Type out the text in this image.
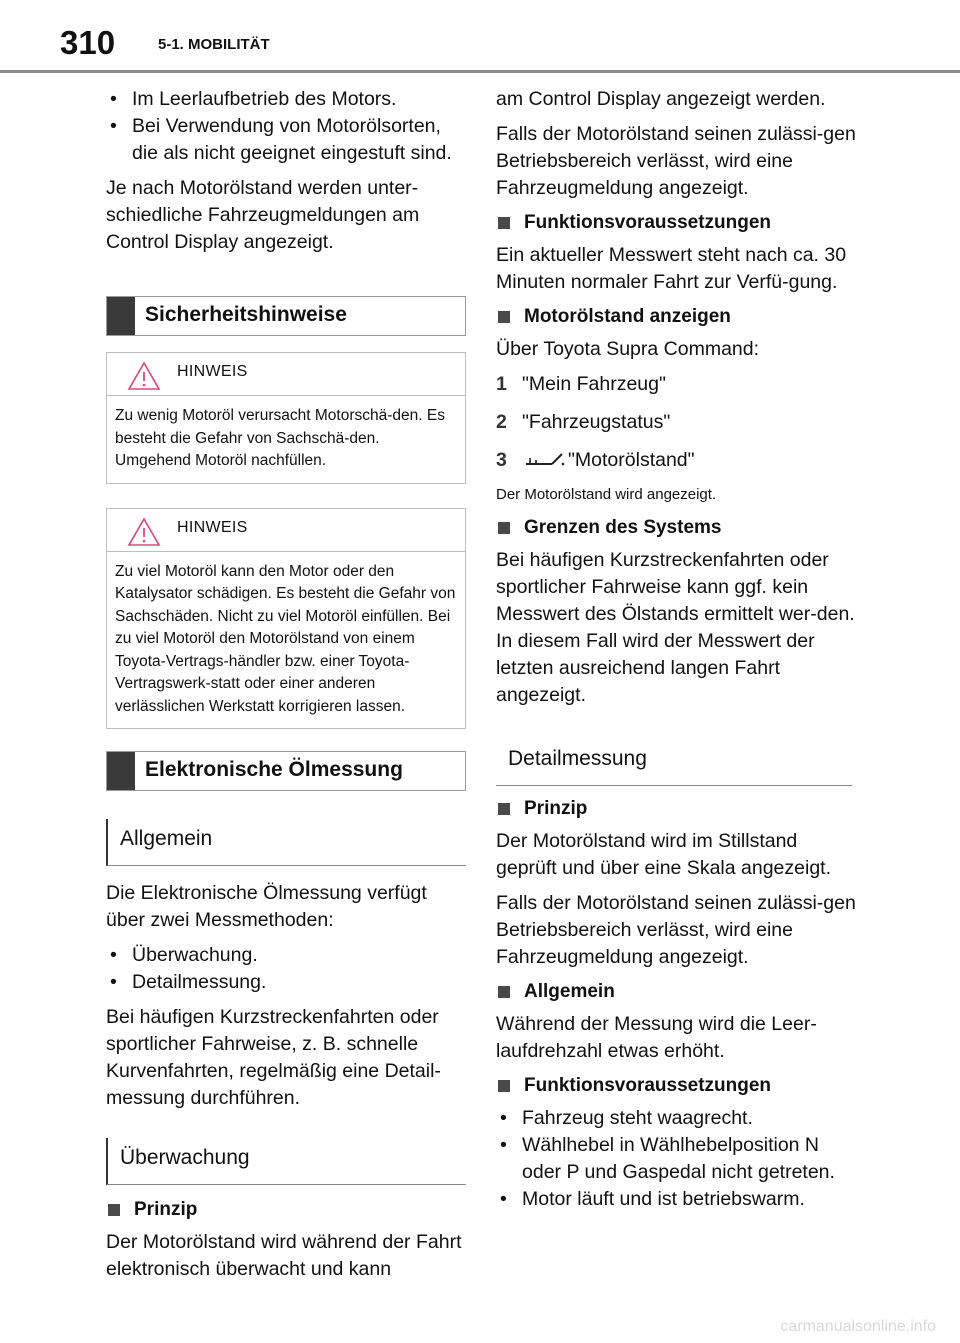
310	5-1. MOBILITÄT
• Im Leerlaufbetrieb des Motors.
• Bei Verwendung von Motorölsorten, die als nicht geeignet eingestuft sind.

Je nach Motorölstand werden unter-schiedliche Fahrzeugmeldungen am Control Display angezeigt.

Sicherheitshinweise
HINWEIS
Zu wenig Motoröl verursacht Motorschä-den. Es besteht die Gefahr von Sachschä-den. Umgehend Motoröl nachfüllen.
HINWEIS
Zu viel Motoröl kann den Motor oder den Katalysator schädigen. Es besteht die Gefahr von Sachschäden. Nicht zu viel Motoröl einfüllen. Bei zu viel Motoröl den Motorölstand von einem Toyota-Vertrags-händler bzw. einer Toyota-Vertragswerk-statt oder einer anderen verlässlichen Werkstatt korrigieren lassen.
Elektronische Ölmessung
Allgemein

Die Elektronische Ölmessung verfügt über zwei Messmethoden:

• Überwachung.
• Detailmessung.

Bei häufigen Kurzstreckenfahrten oder sportlicher Fahrweise, z. B. schnelle Kurvenfahrten, regelmäßig eine Detail-messung durchführen.

Überwachung
Prinzip

Der Motorölstand wird während der Fahrt elektronisch überwacht und kann

am Control Display angezeigt werden.

Falls der Motorölstand seinen zulässi-gen Betriebsbereich verlässt, wird eine Fahrzeugmeldung angezeigt.

Funktionsvoraussetzungen

Ein aktueller Messwert steht nach ca. 30 Minuten normaler Fahrt zur Verfü-gung.

Motorölstand anzeigen

Über Toyota Supra Command:

1 "Mein Fahrzeug"
2 "Fahrzeugstatus"
3	"Motorölstand"

Der Motorölstand wird angezeigt.

Grenzen des Systems

Bei häufigen Kurzstreckenfahrten oder sportlicher Fahrweise kann ggf. kein Messwert des Ölstands ermittelt wer-den. In diesem Fall wird der Messwert der letzten ausreichend langen Fahrt angezeigt.

Detailmessung
Prinzip

Der Motorölstand wird im Stillstand geprüft und über eine Skala angezeigt.

Falls der Motorölstand seinen zulässi-gen Betriebsbereich verlässt, wird eine Fahrzeugmeldung angezeigt.

Allgemein

Während der Messung wird die Leer-laufdrehzahl etwas erhöht.

Funktionsvoraussetzungen
• Fahrzeug steht waagrecht.
• Wählhebel in Wählhebelposition N oder P und Gaspedal nicht getreten.
• Motor läuft und ist betriebswarm.
carmanualsonline.info
